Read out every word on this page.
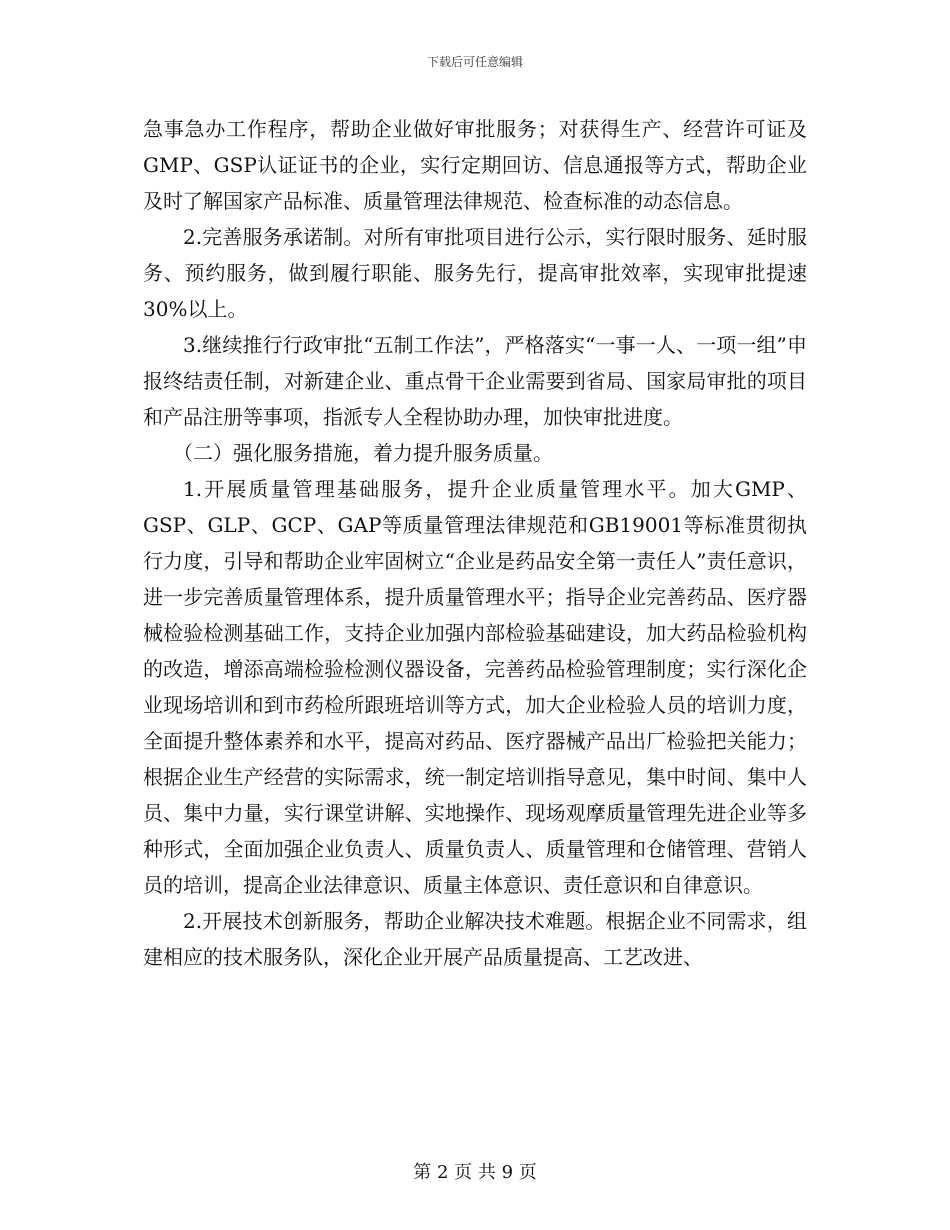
下载后可任意编辑

急事急办工作程序，帮助企业做好审批服务；对获得生产、经营许可证及GMP、GSP认证证书的企业，实行定期回访、信息通报等方式，帮助企业及时了解国家产品标准、质量管理法律规范、检查标准的动态信息。

2.完善服务承诺制。对所有审批项目进行公示，实行限时服务、延时服务、预约服务，做到履行职能、服务先行，提高审批效率，实现审批提速30%以上。

3.继续推行行政审批“五制工作法”，严格落实“一事一人、一项一组”申报终结责任制，对新建企业、重点骨干企业需要到省局、国家局审批的项目和产品注册等事项，指派专人全程协助办理，加快审批进度。

（二）强化服务措施，着力提升服务质量。

1.开展质量管理基础服务，提升企业质量管理水平。加大GMP、GSP、GLP、GCP、GAP等质量管理法律规范和GB19001等标准贯彻执行力度，引导和帮助企业牢固树立“企业是药品安全第一责任人”责任意识，进一步完善质量管理体系，提升质量管理水平；指导企业完善药品、医疗器械检验检测基础工作，支持企业加强内部检验基础建设，加大药品检验机构的改造，增添高端检验检测仪器设备，完善药品检验管理制度；实行深化企业现场培训和到市药检所跟班培训等方式，加大企业检验人员的培训力度，全面提升整体素养和水平，提高对药品、医疗器械产品出厂检验把关能力；根据企业生产经营的实际需求，统一制定培训指导意见，集中时间、集中人员、集中力量，实行课堂讲解、实地操作、现场观摩质量管理先进企业等多种形式，全面加强企业负责人、质量负责人、质量管理和仓储管理、营销人员的培训，提高企业法律意识、质量主体意识、责任意识和自律意识。

2.开展技术创新服务，帮助企业解决技术难题。根据企业不同需求，组建相应的技术服务队，深化企业开展产品质量提高、工艺改进、

第 2 页 共 9 页
